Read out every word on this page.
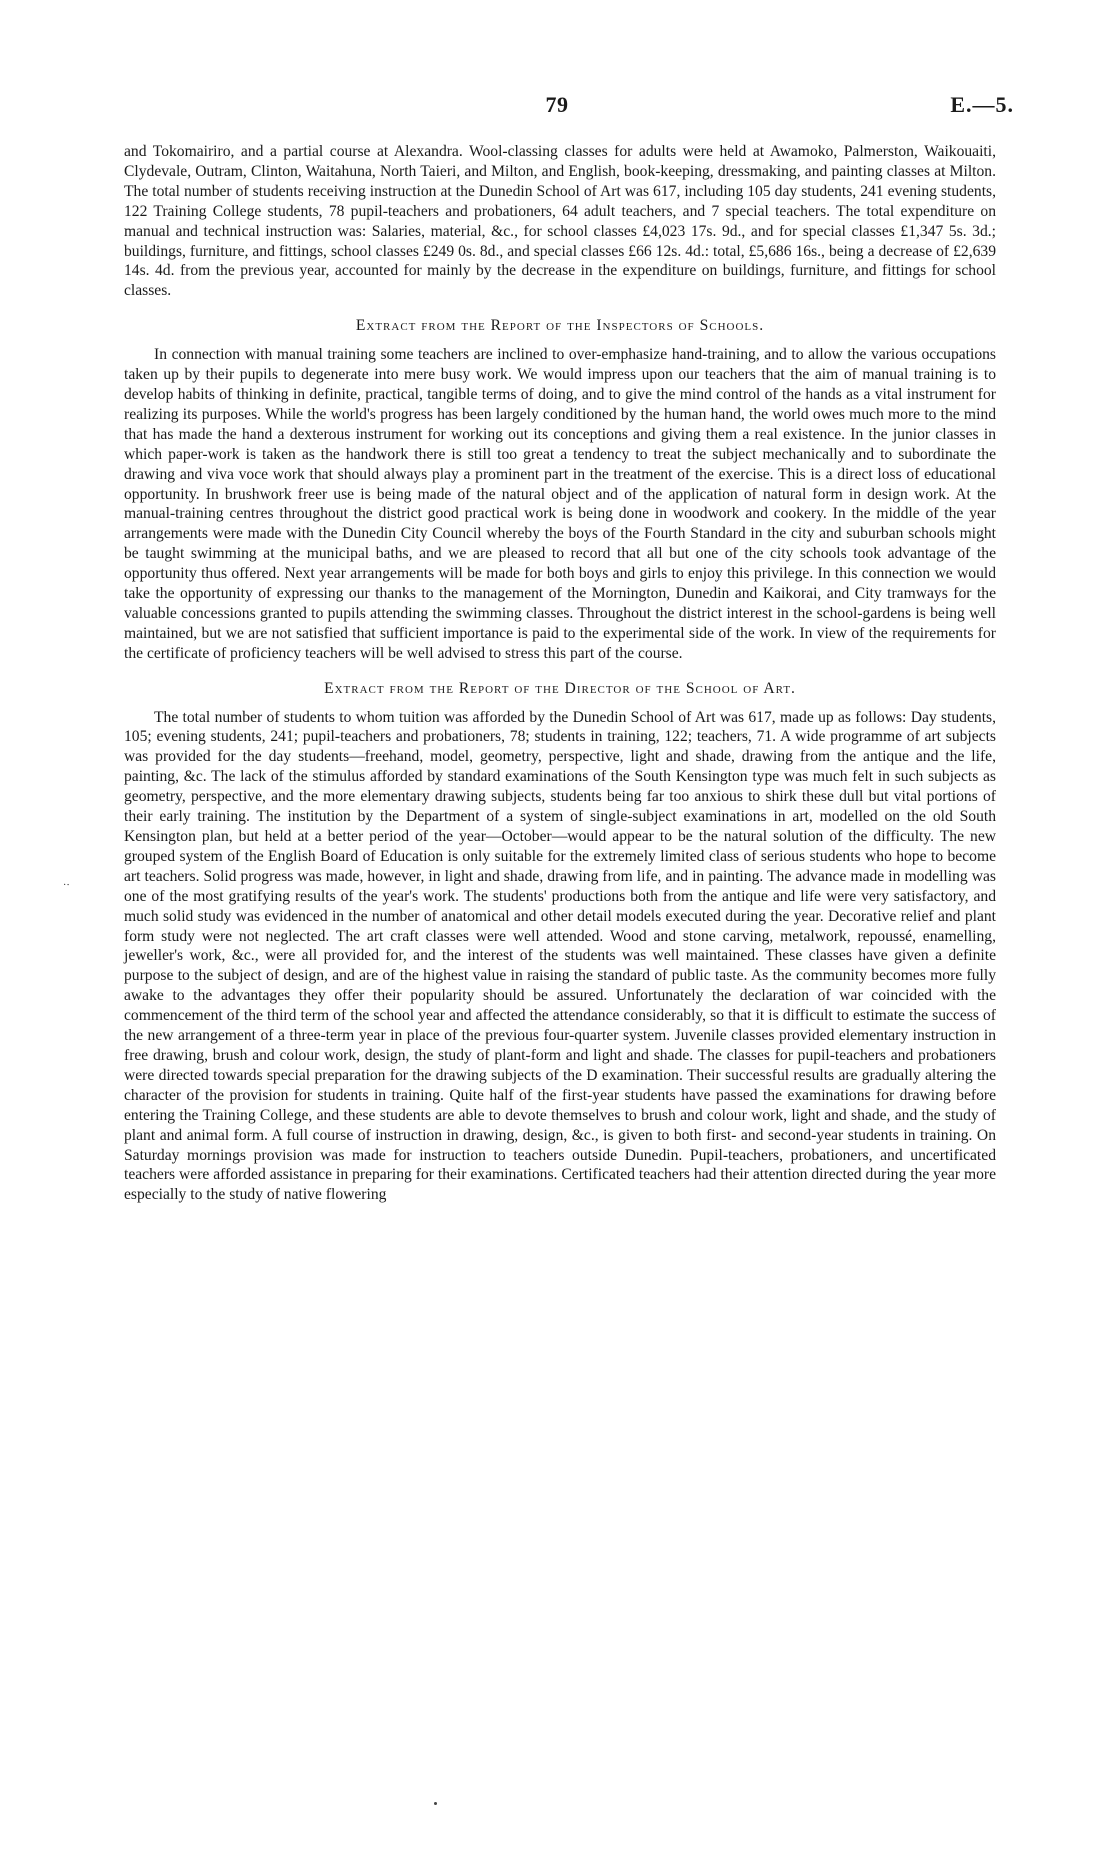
79	E.—5.

and Tokomairiro, and a partial course at Alexandra. Wool-classing classes for adults were held at Awamoko, Palmerston, Waikouaiti, Clydevale, Outram, Clinton, Waitahuna, North Taieri, and Milton, and English, book-keeping, dressmaking, and painting classes at Milton. The total number of students receiving instruction at the Dunedin School of Art was 617, including 105 day students, 241 evening students, 122 Training College students, 78 pupil-teachers and probationers, 64 adult teachers, and 7 special teachers. The total expenditure on manual and technical instruction was: Salaries, material, &c., for school classes £4,023 17s. 9d., and for special classes £1,347 5s. 3d.; buildings, furniture, and fittings, school classes £249 0s. 8d., and special classes £66 12s. 4d.: total, £5,686 16s., being a decrease of £2,639 14s. 4d. from the previous year, accounted for mainly by the decrease in the expenditure on buildings, furniture, and fittings for school classes.

Extract from the Report of the Inspectors of Schools.

In connection with manual training some teachers are inclined to over-emphasize hand-training, and to allow the various occupations taken up by their pupils to degenerate into mere busy work. We would impress upon our teachers that the aim of manual training is to develop habits of thinking in definite, practical, tangible terms of doing, and to give the mind control of the hands as a vital instrument for realizing its purposes. While the world's progress has been largely conditioned by the human hand, the world owes much more to the mind that has made the hand a dexterous instrument for working out its conceptions and giving them a real existence. In the junior classes in which paper-work is taken as the handwork there is still too great a tendency to treat the subject mechanically and to subordinate the drawing and viva voce work that should always play a prominent part in the treatment of the exercise. This is a direct loss of educational opportunity. In brushwork freer use is being made of the natural object and of the application of natural form in design work. At the manual-training centres throughout the district good practical work is being done in woodwork and cookery. In the middle of the year arrangements were made with the Dunedin City Council whereby the boys of the Fourth Standard in the city and suburban schools might be taught swimming at the municipal baths, and we are pleased to record that all but one of the city schools took advantage of the opportunity thus offered. Next year arrangements will be made for both boys and girls to enjoy this privilege. In this connection we would take the opportunity of expressing our thanks to the management of the Mornington, Dunedin and Kaikorai, and City tramways for the valuable concessions granted to pupils attending the swimming classes. Throughout the district interest in the school-gardens is being well maintained, but we are not satisfied that sufficient importance is paid to the experimental side of the work. In view of the requirements for the certificate of proficiency teachers will be well advised to stress this part of the course.

Extract from the Report of the Director of the School of Art.

The total number of students to whom tuition was afforded by the Dunedin School of Art was 617, made up as follows: Day students, 105; evening students, 241; pupil-teachers and probationers, 78; students in training, 122; teachers, 71. A wide programme of art subjects was provided for the day students—freehand, model, geometry, perspective, light and shade, drawing from the antique and the life, painting, &c. The lack of the stimulus afforded by standard examinations of the South Kensington type was much felt in such subjects as geometry, perspective, and the more elementary drawing subjects, students being far too anxious to shirk these dull but vital portions of their early training. The institution by the Department of a system of single-subject examinations in art, modelled on the old South Kensington plan, but held at a better period of the year—October—would appear to be the natural solution of the difficulty. The new grouped system of the English Board of Education is only suitable for the extremely limited class of serious students who hope to become art teachers. Solid progress was made, however, in light and shade, drawing from life, and in painting. The advance made in modelling was one of the most gratifying results of the year's work. The students' productions both from the antique and life were very satisfactory, and much solid study was evidenced in the number of anatomical and other detail models executed during the year. Decorative relief and plant form study were not neglected. The art craft classes were well attended. Wood and stone carving, metalwork, repoussé, enamelling, jeweller's work, &c., were all provided for, and the interest of the students was well maintained. These classes have given a definite purpose to the subject of design, and are of the highest value in raising the standard of public taste. As the community becomes more fully awake to the advantages they offer their popularity should be assured. Unfortunately the declaration of war coincided with the commencement of the third term of the school year and affected the attendance considerably, so that it is difficult to estimate the success of the new arrangement of a three-term year in place of the previous four-quarter system. Juvenile classes provided elementary instruction in free drawing, brush and colour work, design, the study of plant-form and light and shade. The classes for pupil-teachers and probationers were directed towards special preparation for the drawing subjects of the D examination. Their successful results are gradually altering the character of the provision for students in training. Quite half of the first-year students have passed the examinations for drawing before entering the Training College, and these students are able to devote themselves to brush and colour work, light and shade, and the study of plant and animal form. A full course of instruction in drawing, design, &c., is given to both first- and second-year students in training. On Saturday mornings provision was made for instruction to teachers outside Dunedin. Pupil-teachers, probationers, and uncertificated teachers were afforded assistance in preparing for their examinations. Certificated teachers had their attention directed during the year more especially to the study of native flowering

·⋅
